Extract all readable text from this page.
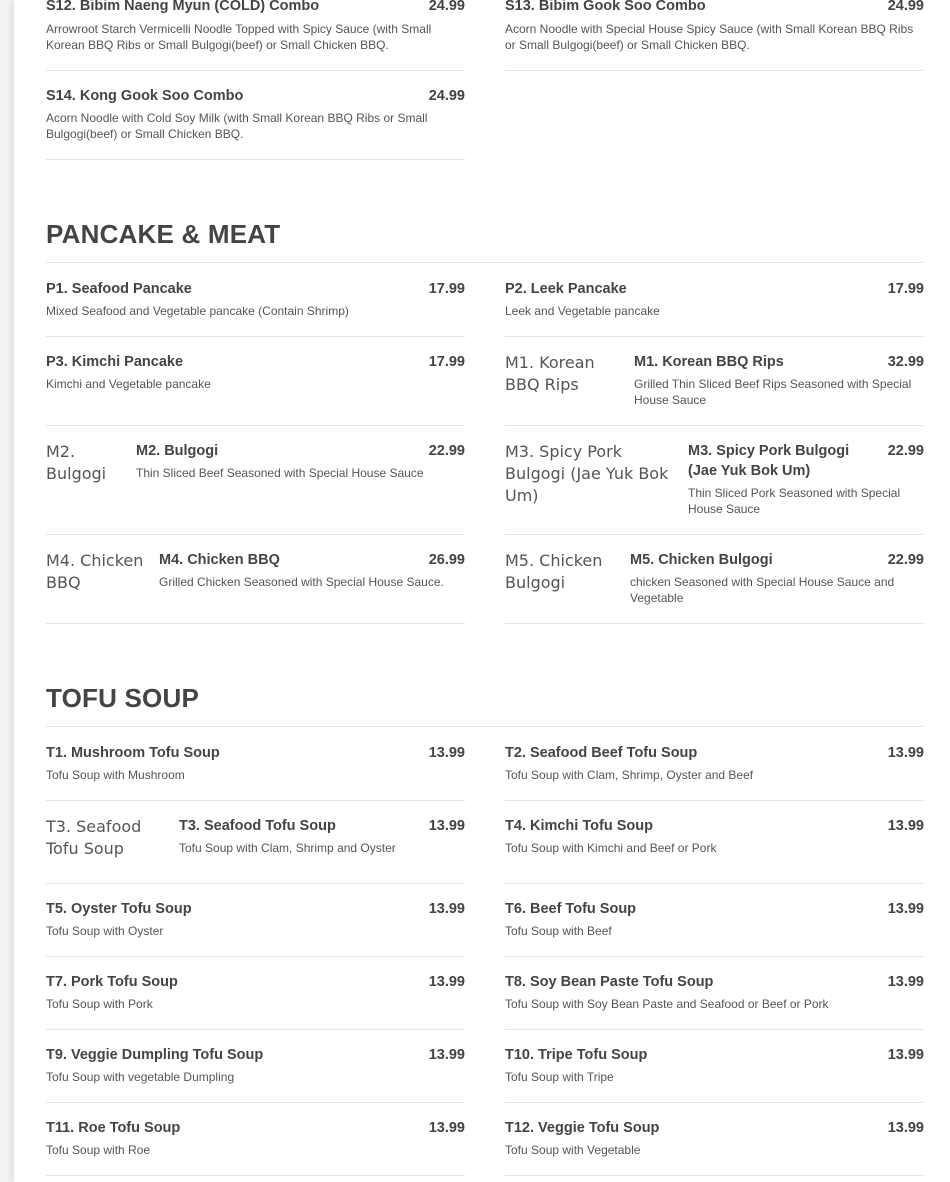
S12. Bibim Naeng Myun (COLD) Combo	24.99
Arrowroot Starch Vermicelli Noodle Topped with Spicy Sauce (with Small Korean BBQ Ribs or Small Bulgogi(beef) or Small Chicken BBQ.
S13. Bibim Gook Soo Combo	24.99
Acorn Noodle with Special House Spicy Sauce (with Small Korean BBQ Ribs or Small Bulgogi(beef) or Small Chicken BBQ.
S14. Kong Gook Soo Combo	24.99
Acorn Noodle with Cold Soy Milk (with Small Korean BBQ Ribs or Small Bulgogi(beef) or Small Chicken BBQ.
PANCAKE & MEAT
P1. Seafood Pancake	17.99
Mixed Seafood and Vegetable pancake (Contain Shrimp)
P2. Leek Pancake	17.99
Leek and Vegetable pancake
P3. Kimchi Pancake	17.99
Kimchi and Vegetable pancake
M1. Korean BBQ Rips
M1. Korean BBQ Rips	32.99
Grilled Thin Sliced Beef Rips Seasoned with Special House Sauce
M2. Bulgogi
M2. Bulgogi	22.99
Thin Sliced Beef Seasoned with Special House Sauce
M3. Spicy Pork Bulgogi (Jae Yuk Bok Um)
M3. Spicy Pork Bulgogi (Jae Yuk Bok Um)
22.99
Thin Sliced Pork Seasoned with Special House Sauce
M4. Chicken BBQ
M4. Chicken BBQ	26.99
Grilled Chicken Seasoned with Special House Sauce.
M5. Chicken Bulgogi
M5. Chicken Bulgogi	22.99
chicken Seasoned with Special House Sauce and Vegetable
TOFU SOUP
T1. Mushroom Tofu Soup	13.99
Tofu Soup with Mushroom
T2. Seafood Beef Tofu Soup	13.99
Tofu Soup with Clam, Shrimp, Oyster and Beef
T3. Seafood Tofu Soup
T3. Seafood Tofu Soup	13.99
Tofu Soup with Clam, Shrimp and Oyster
T4. Kimchi Tofu Soup	13.99
Tofu Soup with Kimchi and Beef or Pork
T5. Oyster Tofu Soup	13.99
Tofu Soup with Oyster
T6. Beef Tofu Soup	13.99
Tofu Soup with Beef
T7. Pork Tofu Soup	13.99
Tofu Soup with Pork
T8. Soy Bean Paste Tofu Soup	13.99
Tofu Soup with Soy Bean Paste and Seafood or Beef or Pork
T9. Veggie Dumpling Tofu Soup	13.99
Tofu Soup with vegetable Dumpling
T10. Tripe Tofu Soup	13.99
Tofu Soup with Tripe
T11. Roe Tofu Soup	13.99
Tofu Soup with Roe
T12. Veggie Tofu Soup	13.99
Tofu Soup with Vegetable
